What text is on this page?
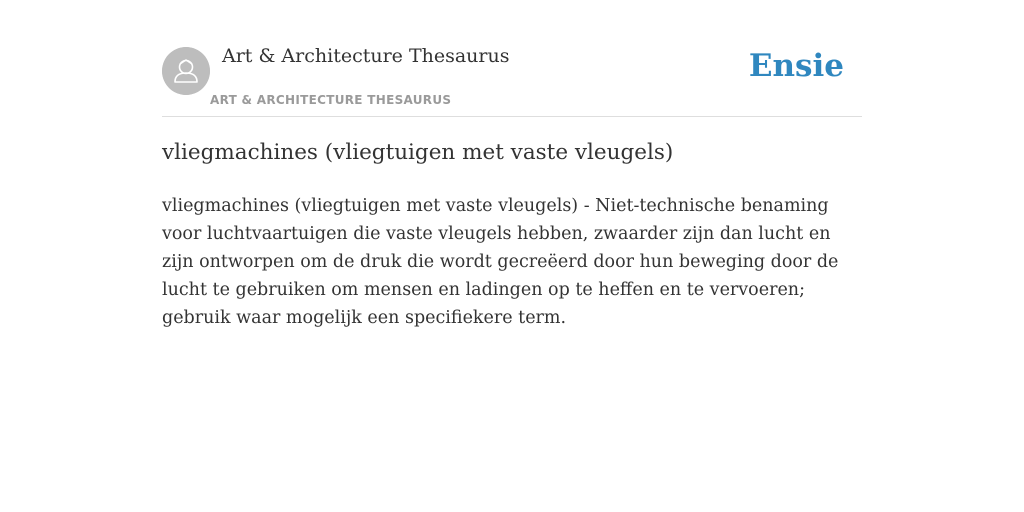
Art & Architecture Thesaurus
ART & ARCHITECTURE THESAURUS
Ensie
vliegmachines (vliegtuigen met vaste vleugels)

vliegmachines (vliegtuigen met vaste vleugels) - Niet-technische benaming voor luchtvaartuigen die vaste vleugels hebben, zwaarder zijn dan lucht en zijn ontworpen om de druk die wordt gecreëerd door hun beweging door de lucht te gebruiken om mensen en ladingen op te heffen en te vervoeren; gebruik waar mogelijk een specifiekere term.
